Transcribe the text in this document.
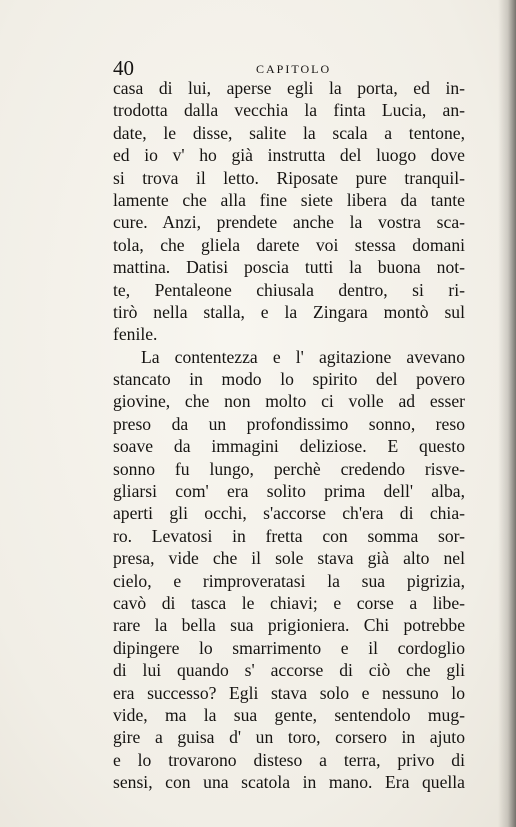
40	CAPITOLO
casa di lui, aperse egli la porta, ed in-
trodotta dalla vecchia la finta Lucia, an-
date, le disse, salite la scala a tentone,
ed io v' ho già instrutta del luogo dove
si trova il letto. Riposate pure tranquil-
lamente che alla fine siete libera da tante
cure. Anzi, prendete anche la vostra sca-
tola, che gliela darete voi stessa domani
mattina. Datisi poscia tutti la buona not-
te, Pentaleone chiusala dentro, si ri-
tirò nella stalla, e la Zingara montò sul
fenile.
La contentezza e l' agitazione avevano
stancato in modo lo spirito del povero
giovine, che non molto ci volle ad esser
preso da un profondissimo sonno, reso
soave da immagini deliziose. E questo
sonno fu lungo, perchè credendo risve-
gliarsi com' era solito prima dell' alba,
aperti gli occhi, s'accorse ch'era di chia-
ro. Levatosi in fretta con somma sor-
presa, vide che il sole stava già alto nel
cielo, e rimproveratasi la sua pigrizia,
cavò di tasca le chiavi; e corse a libe-
rare la bella sua prigioniera. Chi potrebbe
dipingere lo smarrimento e il cordoglio
di lui quando s' accorse di ciò che gli
era successo? Egli stava solo e nessuno lo
vide, ma la sua gente, sentendolo mug-
gire a guisa d' un toro, corsero in ajuto
e lo trovarono disteso a terra, privo di
sensi, con una scatola in mano. Era quella
